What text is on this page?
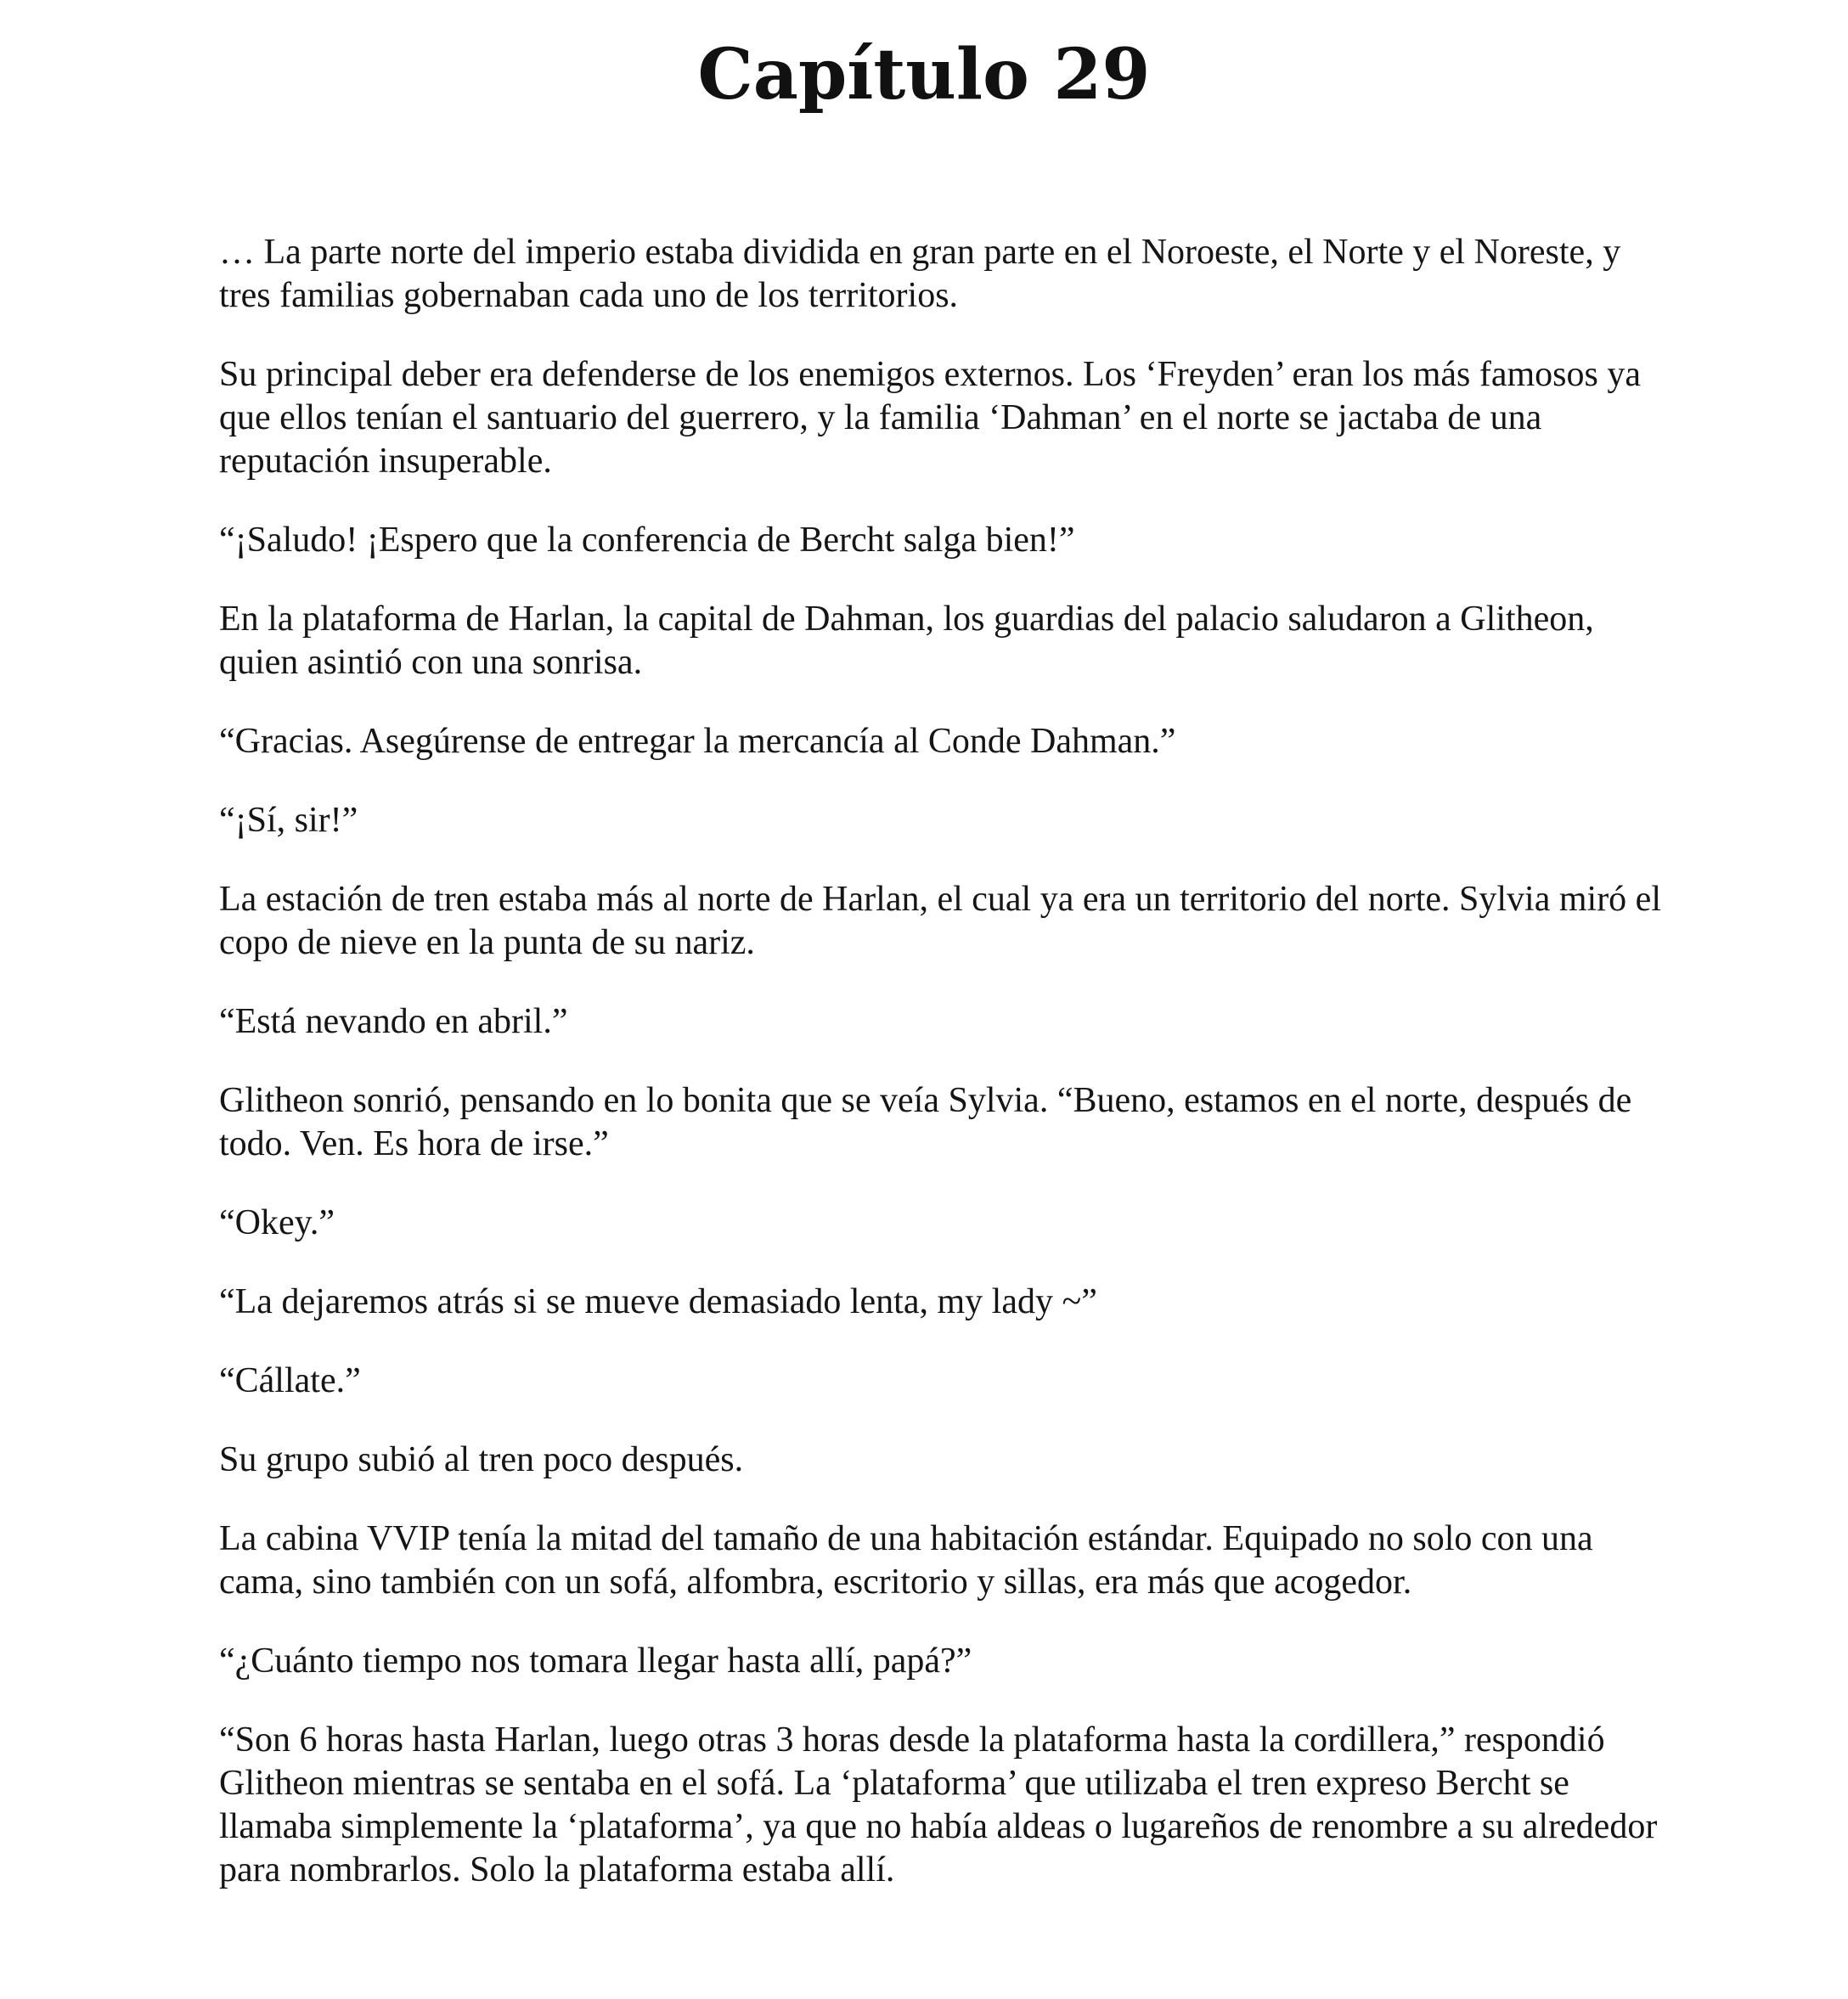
Capítulo 29

… La parte norte del imperio estaba dividida en gran parte en el Noroeste, el Norte y el Noreste, y tres familias gobernaban cada uno de los territorios.

Su principal deber era defenderse de los enemigos externos. Los ‘Freyden’ eran los más famosos ya que ellos tenían el santuario del guerrero, y la familia ‘Dahman’ en el norte se jactaba de una reputación insuperable.

“¡Saludo! ¡Espero que la conferencia de Bercht salga bien!”

En la plataforma de Harlan, la capital de Dahman, los guardias del palacio saludaron a Glitheon, quien asintió con una sonrisa.

“Gracias. Asegúrense de entregar la mercancía al Conde Dahman.”

“¡Sí, sir!”

La estación de tren estaba más al norte de Harlan, el cual ya era un territorio del norte. Sylvia miró el copo de nieve en la punta de su nariz.

“Está nevando en abril.”

Glitheon sonrió, pensando en lo bonita que se veía Sylvia. “Bueno, estamos en el norte, después de todo. Ven. Es hora de irse.”

“Okey.”

“La dejaremos atrás si se mueve demasiado lenta, my lady ~”

“Cállate.”

Su grupo subió al tren poco después.

La cabina VVIP tenía la mitad del tamaño de una habitación estándar. Equipado no solo con una cama, sino también con un sofá, alfombra, escritorio y sillas, era más que acogedor.

“¿Cuánto tiempo nos tomara llegar hasta allí, papá?”

“Son 6 horas hasta Harlan, luego otras 3 horas desde la plataforma hasta la cordillera,” respondió Glitheon mientras se sentaba en el sofá. La ‘plataforma’ que utilizaba el tren expreso Bercht se llamaba simplemente la ‘plataforma’, ya que no había aldeas o lugareños de renombre a su alrededor para nombrarlos. Solo la plataforma estaba allí.
